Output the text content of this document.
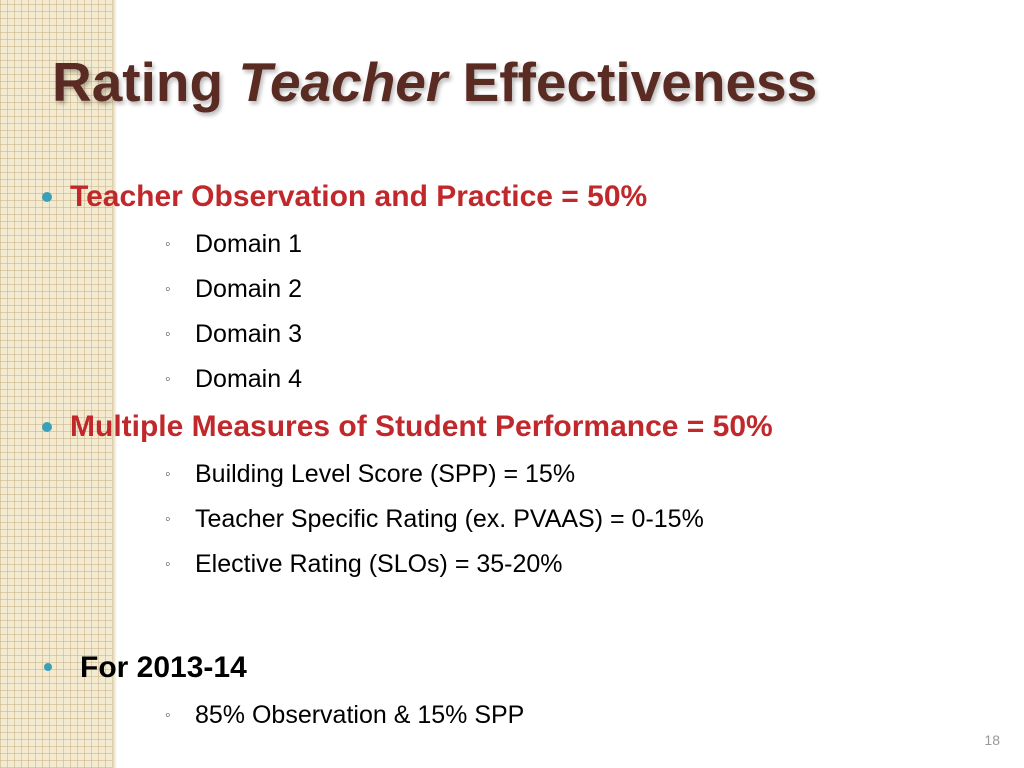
Rating Teacher Effectiveness
Teacher Observation and Practice = 50%
◦ Domain 1
◦ Domain 2
◦ Domain 3
◦ Domain 4
Multiple Measures of Student Performance = 50%
◦ Building Level Score (SPP) = 15%
◦ Teacher Specific Rating (ex. PVAAS) = 0-15%
◦ Elective Rating (SLOs) = 35-20%
For 2013-14
◦ 85% Observation & 15% SPP
18
